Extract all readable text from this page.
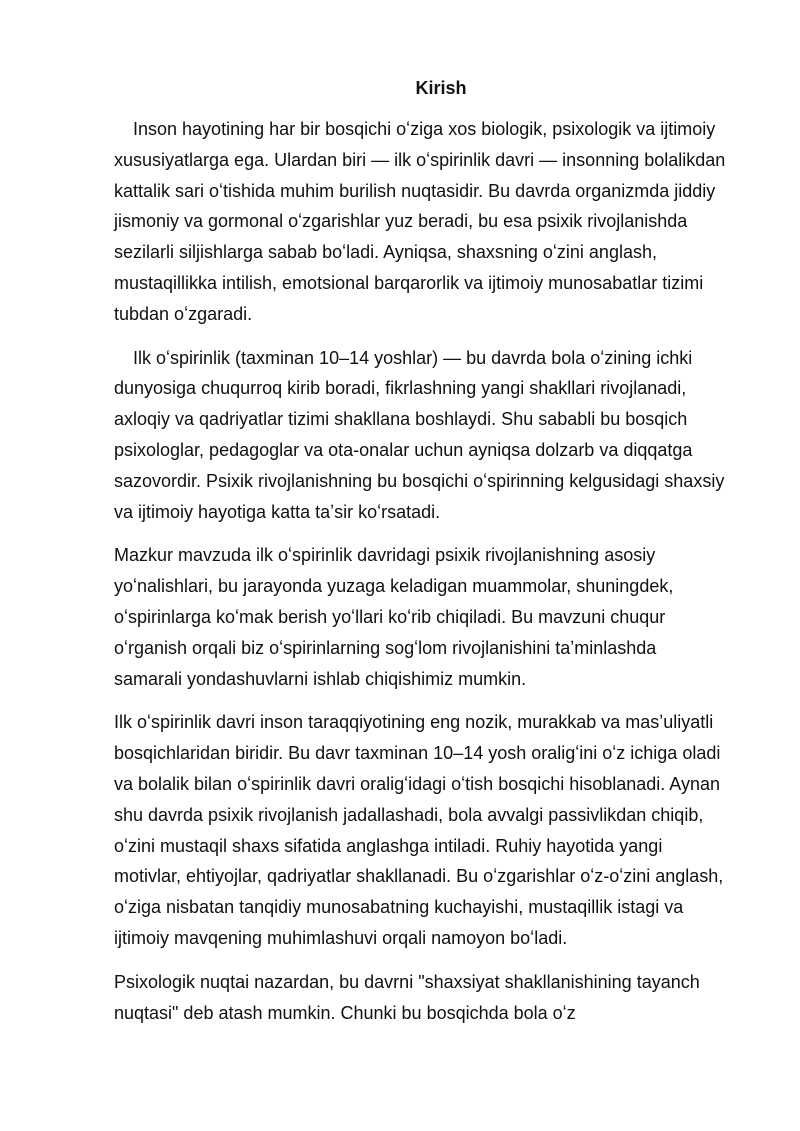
Kirish

Inson hayotining har bir bosqichi oʻziga xos biologik, psixologik va ijtimoiy xususiyatlarga ega. Ulardan biri — ilk oʻspirinlik davri — insonning bolalikdan kattalik sari oʻtishida muhim burilish nuqtasidir. Bu davrda organizmda jiddiy jismoniy va gormonal oʻzgarishlar yuz beradi, bu esa psixik rivojlanishda sezilarli siljishlarga sabab boʻladi. Ayniqsa, shaxsning oʻzini anglash, mustaqillikka intilish, emotsional barqarorlik va ijtimoiy munosabatlar tizimi tubdan oʻzgaradi.

Ilk oʻspirinlik (taxminan 10–14 yoshlar) — bu davrda bola oʻzining ichki dunyosiga chuqurroq kirib boradi, fikrlashning yangi shakllari rivojlanadi, axloqiy va qadriyatlar tizimi shakllana boshlaydi. Shu sababli bu bosqich psixologlar, pedagoglar va ota-onalar uchun ayniqsa dolzarb va diqqatga sazovordir. Psixik rivojlanishning bu bosqichi oʻspirinning kelgusidagi shaxsiy va ijtimoiy hayotiga katta taʼsir koʻrsatadi.

Mazkur mavzuda ilk oʻspirinlik davridagi psixik rivojlanishning asosiy yoʻnalishlari, bu jarayonda yuzaga keladigan muammolar, shuningdek, oʻspirinlarga koʻmak berish yoʻllari koʻrib chiqiladi. Bu mavzuni chuqur oʻrganish orqali biz oʻspirinlarning sogʻlom rivojlanishini taʼminlashda samarali yondashuvlarni ishlab chiqishimiz mumkin.

Ilk oʻspirinlik davri inson taraqqiyotining eng nozik, murakkab va masʼuliyatli bosqichlaridan biridir. Bu davr taxminan 10–14 yosh oraligʻini oʻz ichiga oladi va bolalik bilan oʻspirinlik davri oraligʻidagi oʻtish bosqichi hisoblanadi. Aynan shu davrda psixik rivojlanish jadallashadi, bola avvalgi passivlikdan chiqib, oʻzini mustaqil shaxs sifatida anglashga intiladi. Ruhiy hayotida yangi motivlar, ehtiyojlar, qadriyatlar shakllanadi. Bu oʻzgarishlar oʻz-oʻzini anglash, oʻziga nisbatan tanqidiy munosabatning kuchayishi, mustaqillik istagi va ijtimoiy mavqening muhimlashuvi orqali namoyon boʻladi.

Psixologik nuqtai nazardan, bu davrni "shaxsiyat shakllanishining tayanch nuqtasi" deb atash mumkin. Chunki bu bosqichda bola oʻz
